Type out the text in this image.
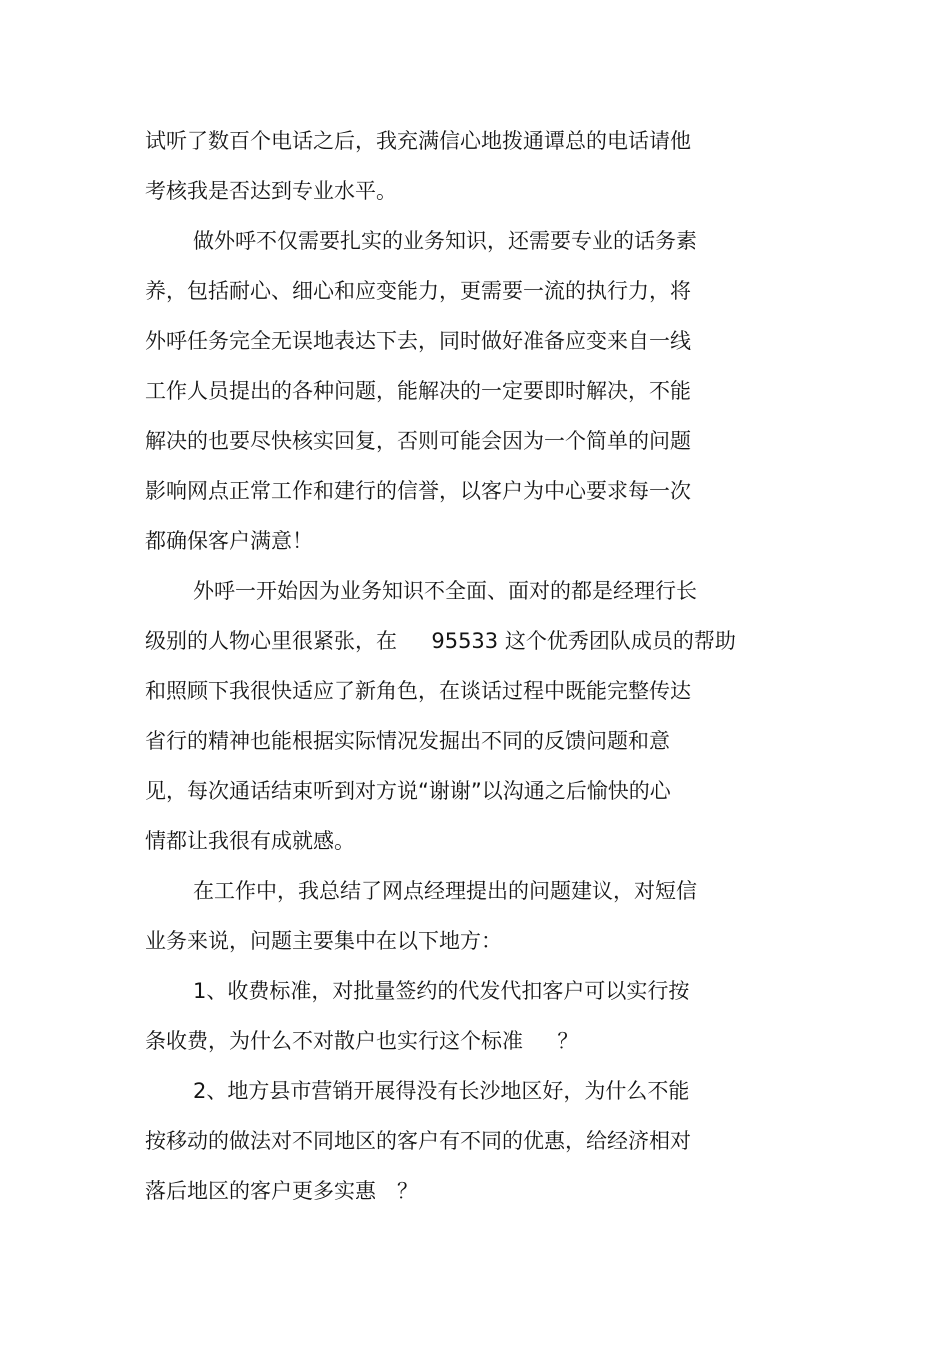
试听了数百个电话之后，我充满信心地拨通谭总的电话请他
考核我是否达到专业水平。
做外呼不仅需要扎实的业务知识，还需要专业的话务素
养，包括耐心、细心和应变能力，更需要一流的执行力，将
外呼任务完全无误地表达下去，同时做好准备应变来自一线
工作人员提出的各种问题，能解决的一定要即时解决，不能
解决的也要尽快核实回复，否则可能会因为一个简单的问题
影响网点正常工作和建行的信誉，以客户为中心要求每一次
都确保客户满意！
外呼一开始因为业务知识不全面、面对的都是经理行长
级别的人物心里很紧张，在　  95533 这个优秀团队成员的帮助
和照顾下我很快适应了新角色，在谈话过程中既能完整传达
省行的精神也能根据实际情况发掘出不同的反馈问题和意
见，每次通话结束听到对方说“谢谢”以沟通之后愉快的心
情都让我很有成就感。
在工作中，我总结了网点经理提出的问题建议，对短信
业务来说，问题主要集中在以下地方：
1、收费标准，对批量签约的代发代扣客户可以实行按
条收费，为什么不对散户也实行这个标准　  ？
2、地方县市营销开展得没有长沙地区好，为什么不能
按移动的做法对不同地区的客户有不同的优惠，给经济相对
落后地区的客户更多实惠　？
